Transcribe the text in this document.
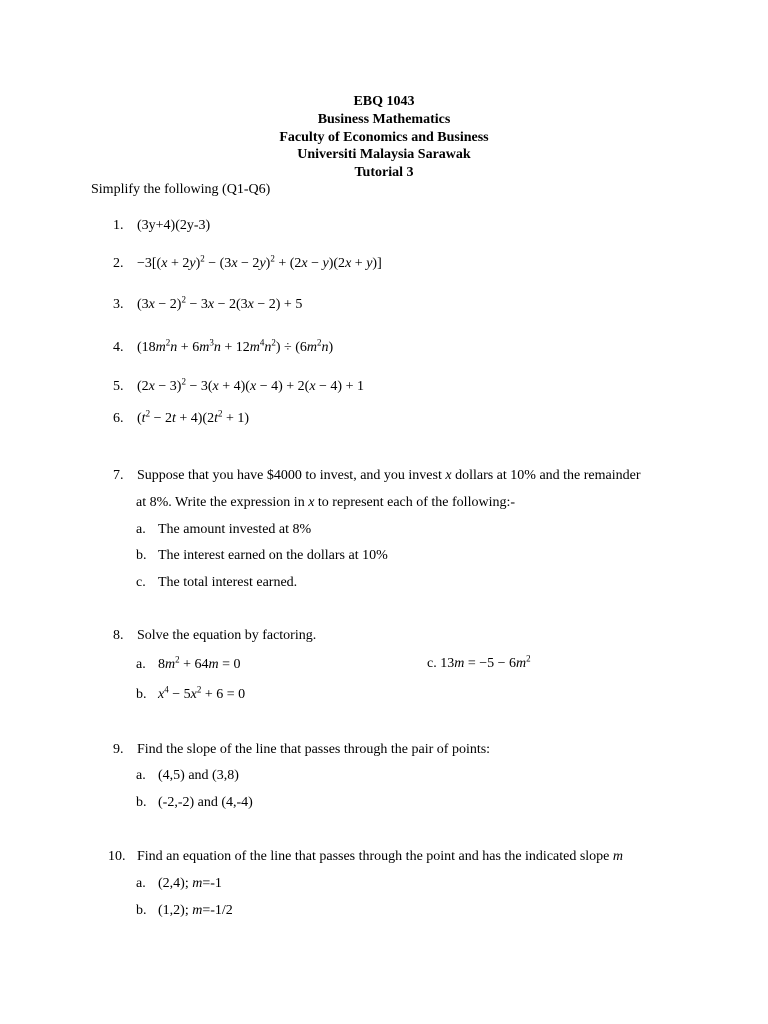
EBQ 1043
Business Mathematics
Faculty of Economics and Business
Universiti Malaysia Sarawak
Tutorial 3
Simplify the following (Q1-Q6)
1. (3y+4)(2y-3)
2. $-3[(x + 2y)^2 - (3x - 2y)^2 + (2x - y)(2x + y)]$
3. $(3x - 2)^2 - 3x - 2(3x - 2) + 5$
4. $(18m^2n + 6m^3n + 12m^4n^2) \div (6m^2n)$
5. $(2x - 3)^2 - 3(x + 4)(x - 4) + 2(x - 4) + 1$
6. $(t^2 - 2t + 4)(2t^2 + 1)$
7. Suppose that you have $4000 to invest, and you invest x dollars at 10% and the remainder
at 8%. Write the expression in x to represent each of the following:-
a. The amount invested at 8%
b. The interest earned on the dollars at 10%
c. The total interest earned.
8. Solve the equation by factoring.
a. $8m^2 + 64m = 0$	c. $13m = -5 - 6m^2$
b. $x^4 - 5x^2 + 6 = 0$
9. Find the slope of the line that passes through the pair of points:
a. (4,5) and (3,8)
b. (-2,-2) and (4,-4)
10. Find an equation of the line that passes through the point and has the indicated slope m
a. (2,4); m=-1
b. (1,2); m=-1/2
